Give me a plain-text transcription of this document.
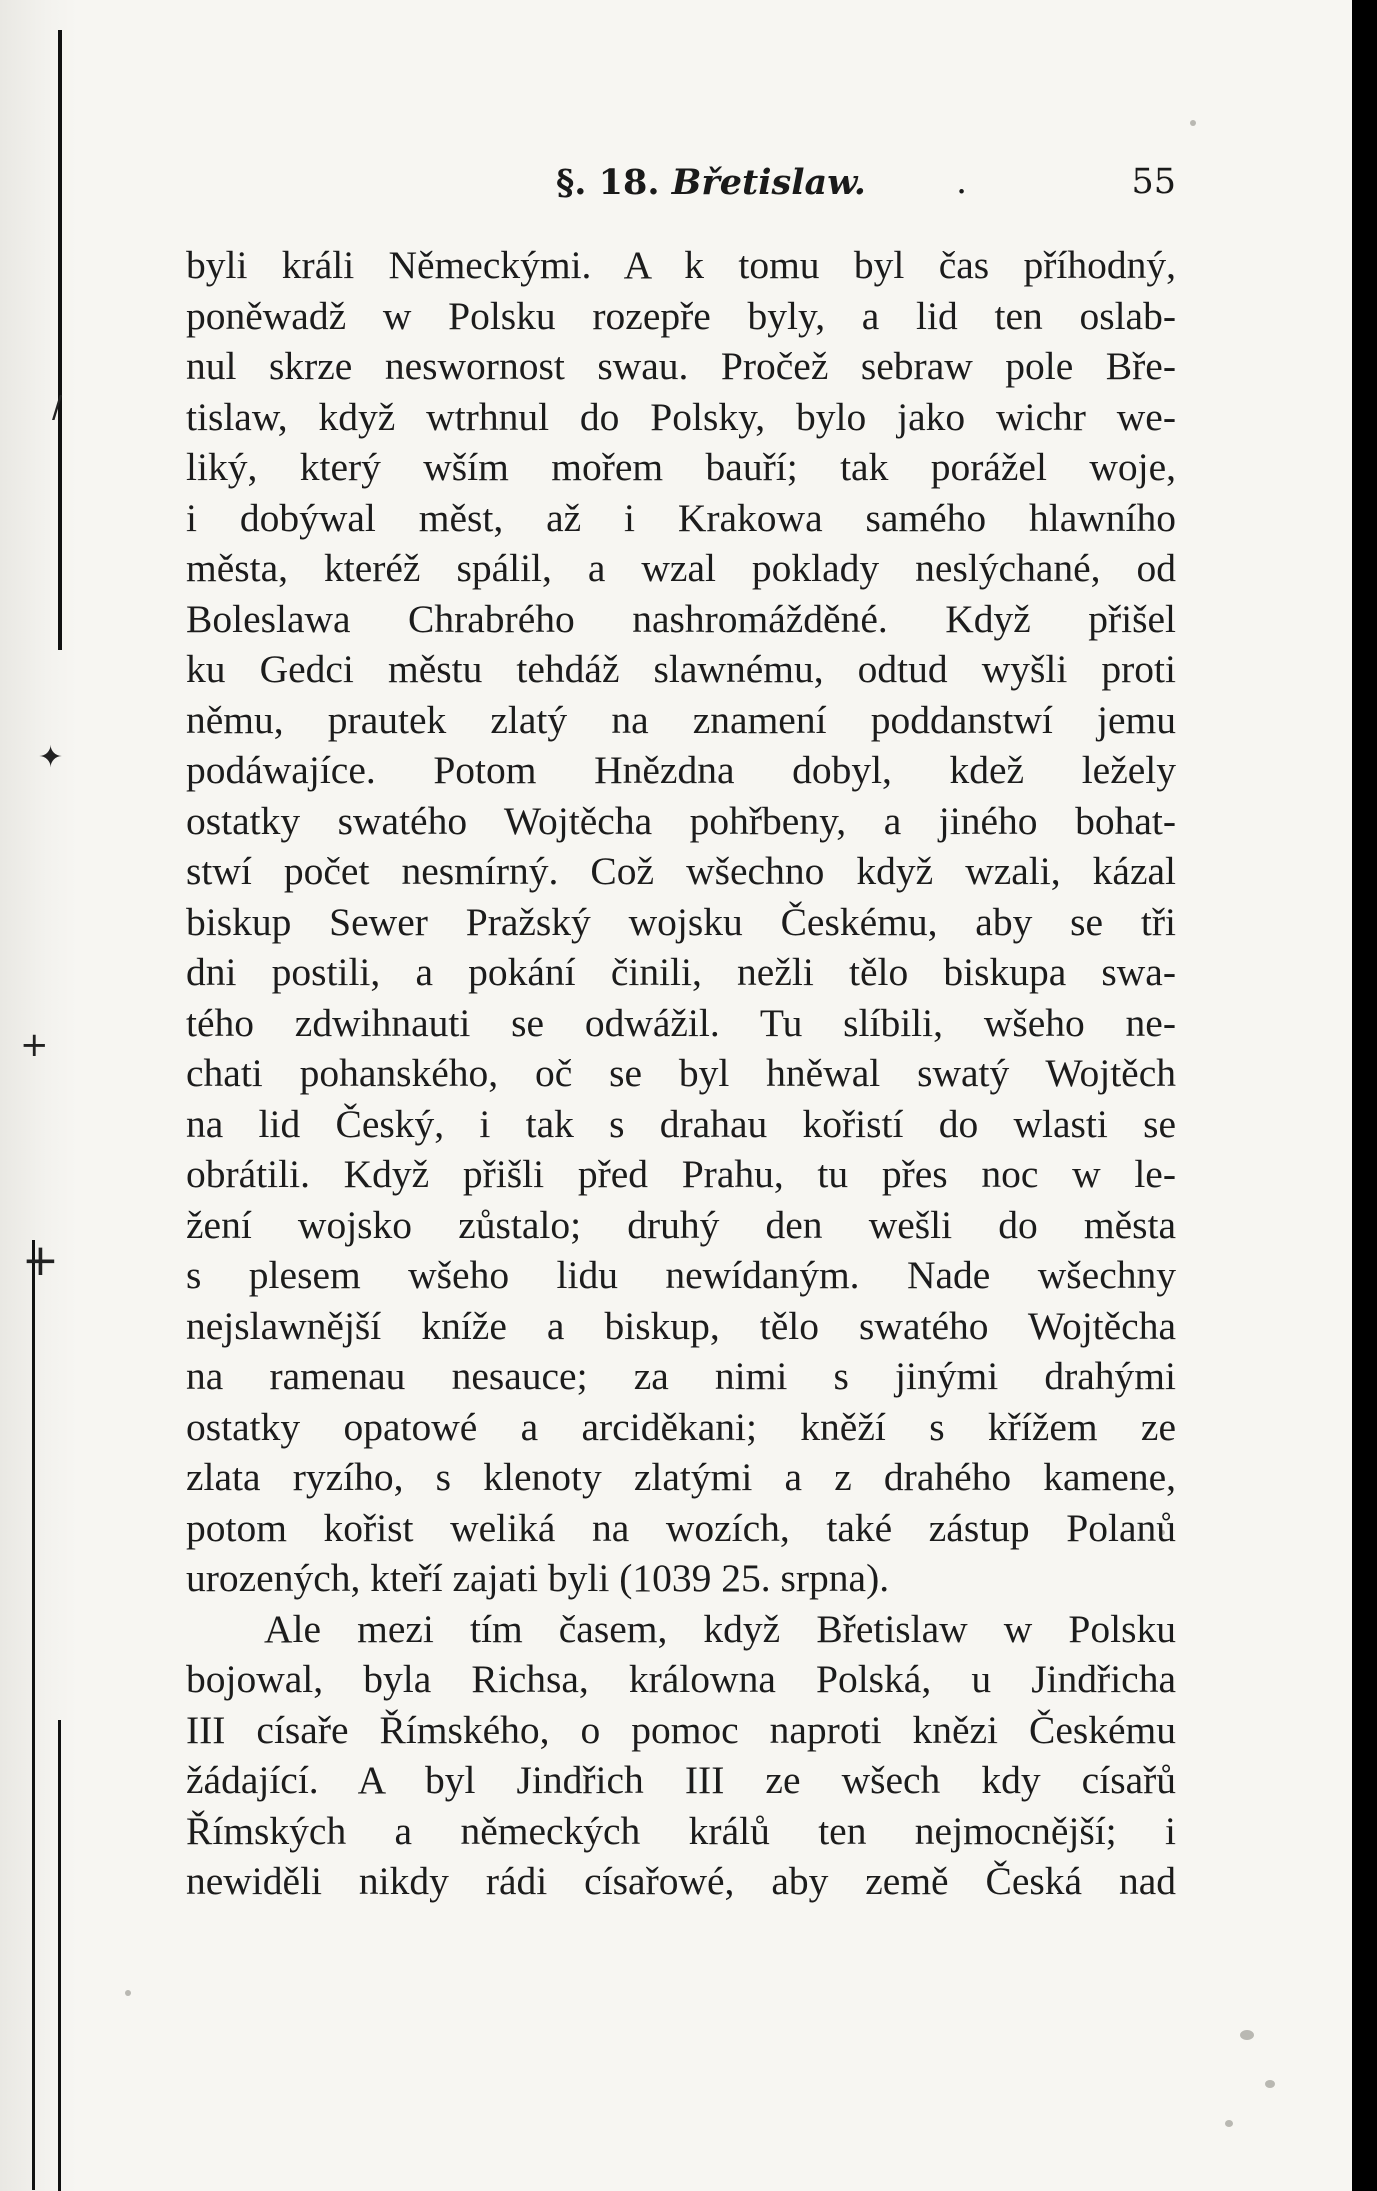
/
✦
+
+
§. 18. Břetislaw.	.	55
byli králi Německými. A k tomu byl čas příhodný,
poněwadž w Polsku rozepře byly, a lid ten oslab-
nul skrze neswornost swau. Pročež sebraw pole Bře-
tislaw, když wtrhnul do Polsky, bylo jako wichr we-
liký, který wším mořem bauří; tak porážel woje,
i dobýwal měst, až i Krakowa samého hlawního
města, kteréž spálil, a wzal poklady neslýchané, od
Boleslawa Chrabrého nashromážděné. Když přišel
ku Gedci městu tehdáž slawnému, odtud wyšli proti
němu, prautek zlatý na znamení poddanstwí jemu
podáwajíce. Potom Hnězdna dobyl, kdež ležely
ostatky swatého Wojtěcha pohřbeny, a jiného bohat-
stwí počet nesmírný. Což wšechno když wzali, kázal
biskup Sewer Pražský wojsku Českému, aby se tři
dni postili, a pokání činili, nežli tělo biskupa swa-
tého zdwihnauti se odwážil. Tu slíbili, wšeho ne-
chati pohanského, oč se byl hněwal swatý Wojtěch
na lid Český, i tak s drahau kořistí do wlasti se
obrátili. Když přišli před Prahu, tu přes noc w le-
žení wojsko zůstalo; druhý den wešli do města
s plesem wšeho lidu newídaným. Nade wšechny
nejslawnější kníže a biskup, tělo swatého Wojtěcha
na ramenau nesauce; za nimi s jinými drahými
ostatky opatowé a arciděkani; kněží s křížem ze
zlata ryzího, s klenoty zlatými a z drahého kamene,
potom kořist weliká na wozích, také zástup Polanů
urozených, kteří zajati byli (1039 25. srpna).
Ale mezi tím časem, když Břetislaw w Polsku
bojowal, byla Richsa, králowna Polská, u Jindřicha
III císaře Římského, o pomoc naproti knězi Českému
žádající. A byl Jindřich III ze wšech kdy císařů
Římských a německých králů ten nejmocnější; i
newiděli nikdy rádi císařowé, aby země Česká nad
